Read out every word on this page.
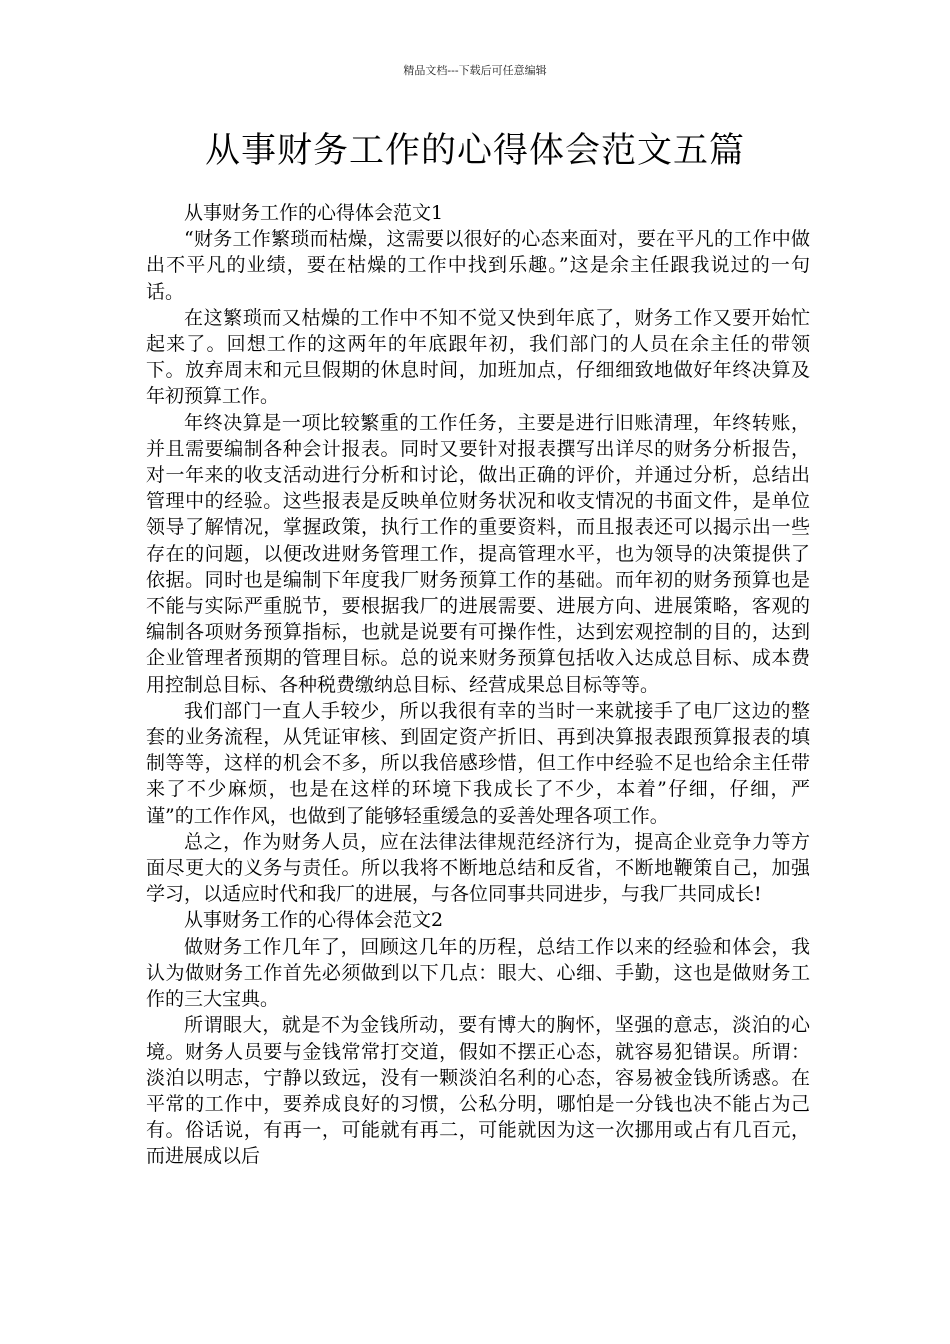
精品文档---下载后可任意编辑
从事财务工作的心得体会范文五篇

从事财务工作的心得体会范文1

“财务工作繁琐而枯燥，这需要以很好的心态来面对，要在平凡的工作中做出不平凡的业绩，要在枯燥的工作中找到乐趣。”这是余主任跟我说过的一句话。

在这繁琐而又枯燥的工作中不知不觉又快到年底了，财务工作又要开始忙起来了。回想工作的这两年的年底跟年初，我们部门的人员在余主任的带领下。放弃周末和元旦假期的休息时间，加班加点，仔细细致地做好年终决算及年初预算工作。

年终决算是一项比较繁重的工作任务，主要是进行旧账清理，年终转账，并且需要编制各种会计报表。同时又要针对报表撰写出详尽的财务分析报告，对一年来的收支活动进行分析和讨论，做出正确的评价，并通过分析，总结出管理中的经验。这些报表是反映单位财务状况和收支情况的书面文件，是单位领导了解情况，掌握政策，执行工作的重要资料，而且报表还可以揭示出一些存在的问题，以便改进财务管理工作，提高管理水平，也为领导的决策提供了依据。同时也是编制下年度我厂财务预算工作的基础。而年初的财务预算也是不能与实际严重脱节，要根据我厂的进展需要、进展方向、进展策略，客观的编制各项财务预算指标，也就是说要有可操作性，达到宏观控制的目的，达到企业管理者预期的管理目标。总的说来财务预算包括收入达成总目标、成本费用控制总目标、各种税费缴纳总目标、经营成果总目标等等。

我们部门一直人手较少，所以我很有幸的当时一来就接手了电厂这边的整套的业务流程，从凭证审核、到固定资产折旧、再到决算报表跟预算报表的填制等等，这样的机会不多，所以我倍感珍惜，但工作中经验不足也给余主任带来了不少麻烦，也是在这样的环境下我成长了不少，本着”仔细，仔细，严谨”的工作作风，也做到了能够轻重缓急的妥善处理各项工作。

总之，作为财务人员，应在法律法律规范经济行为，提高企业竞争力等方面尽更大的义务与责任。所以我将不断地总结和反省，不断地鞭策自己，加强学习，以适应时代和我厂的进展，与各位同事共同进步，与我厂共同成长!

从事财务工作的心得体会范文2

做财务工作几年了，回顾这几年的历程，总结工作以来的经验和体会，我认为做财务工作首先必须做到以下几点：眼大、心细、手勤，这也是做财务工作的三大宝典。

所谓眼大，就是不为金钱所动，要有博大的胸怀，坚强的意志，淡泊的心境。财务人员要与金钱常常打交道，假如不摆正心态，就容易犯错误。所谓：淡泊以明志，宁静以致远，没有一颗淡泊名利的心态，容易被金钱所诱惑。在平常的工作中，要养成良好的习惯，公私分明，哪怕是一分钱也决不能占为己有。俗话说，有再一，可能就有再二，可能就因为这一次挪用或占有几百元，而进展成以后
